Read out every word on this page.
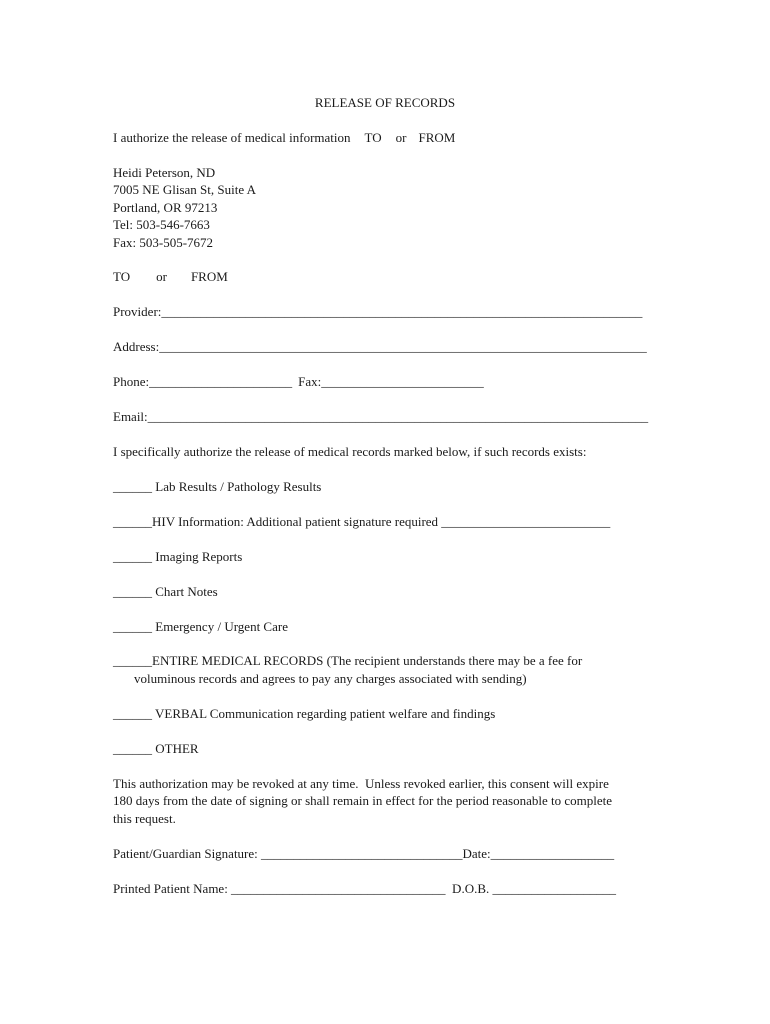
RELEASE OF RECORDS
I authorize the release of medical information TO or FROM
Heidi Peterson, ND
7005 NE Glisan St, Suite A
Portland, OR 97213
Tel: 503-546-7663
Fax: 503-505-7672
TO or FROM
Provider:__________________________________________________________________________
Address:___________________________________________________________________________
Phone:______________________ Fax:_________________________
Email:_____________________________________________________________________________
I specifically authorize the release of medical records marked below, if such records exists:
______ Lab Results / Pathology Results
______HIV Information: Additional patient signature required __________________________
______ Imaging Reports
______ Chart Notes
______ Emergency / Urgent Care
______ENTIRE MEDICAL RECORDS (The recipient understands there may be a fee for
voluminous records and agrees to pay any charges associated with sending)
______ VERBAL Communication regarding patient welfare and findings
______ OTHER
This authorization may be revoked at any time.  Unless revoked earlier, this consent will expire
180 days from the date of signing or shall remain in effect for the period reasonable to complete
this request.
Patient/Guardian Signature: _______________________________Date:___________________
Printed Patient Name: _________________________________  D.O.B. ___________________
